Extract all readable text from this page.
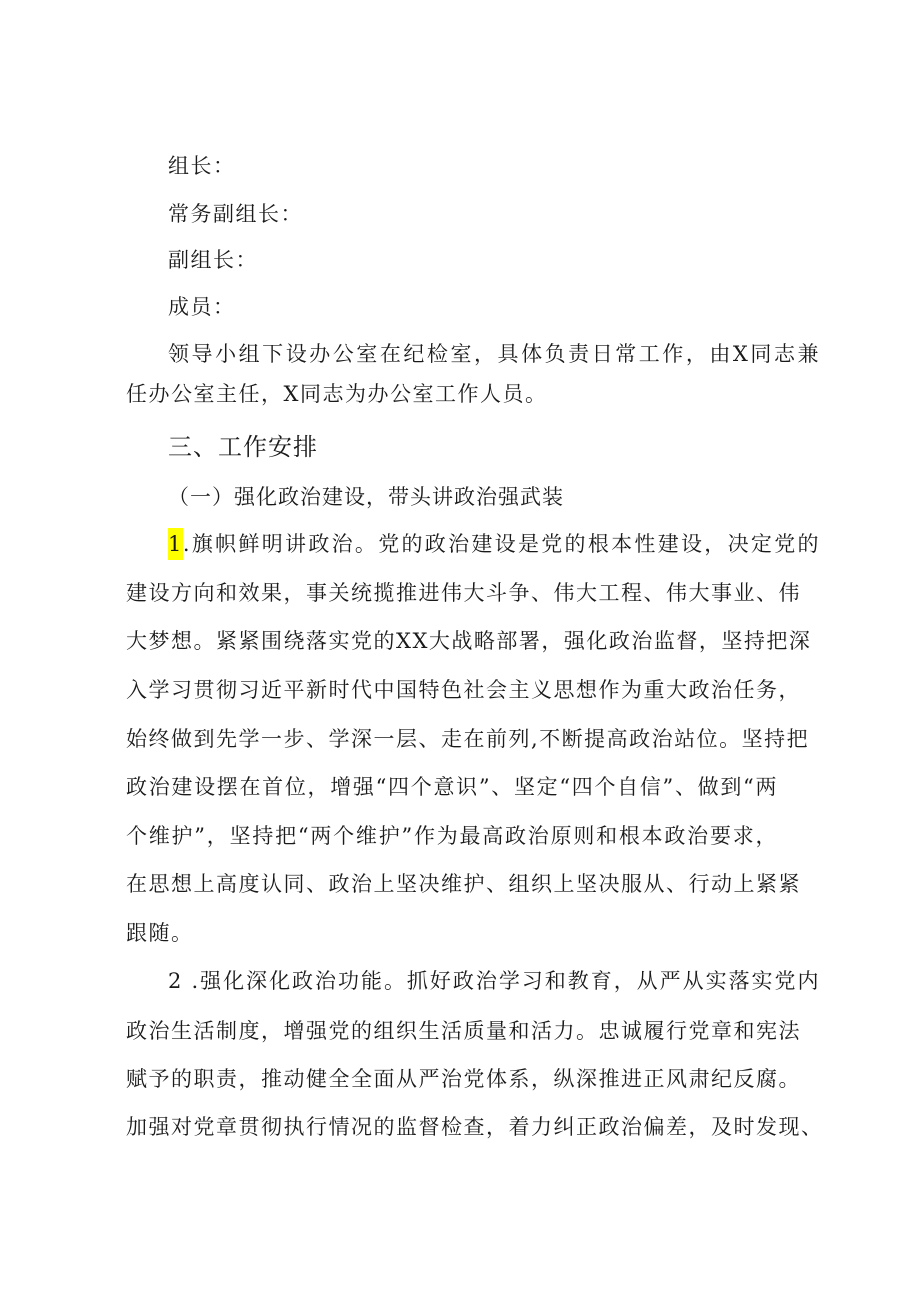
组长：
常务副组长：
副组长：
成员：
领导小组下设办公室在纪检室，具体负责日常工作，由X同志兼
任办公室主任，X同志为办公室工作人员。
三、工作安排
（一）强化政治建设，带头讲政治强武装
1.旗帜鲜明讲政治。党的政治建设是党的根本性建设，决定党的
建设方向和效果，事关统揽推进伟大斗争、伟大工程、伟大事业、伟
大梦想。紧紧围绕落实党的XX大战略部署，强化政治监督，坚持把深
入学习贯彻习近平新时代中国特色社会主义思想作为重大政治任务，
始终做到先学一步、学深一层、走在前列,不断提高政治站位。坚持把
政治建设摆在首位，增强“四个意识”、坚定“四个自信”、做到“两
个维护”，坚持把“两个维护”作为最高政治原则和根本政治要求，
在思想上高度认同、政治上坚决维护、组织上坚决服从、行动上紧紧
跟随。
2 .强化深化政治功能。抓好政治学习和教育，从严从实落实党内
政治生活制度，增强党的组织生活质量和活力。忠诚履行党章和宪法
赋予的职责，推动健全全面从严治党体系，纵深推进正风肃纪反腐。
加强对党章贯彻执行情况的监督检查，着力纠正政治偏差，及时发现、
